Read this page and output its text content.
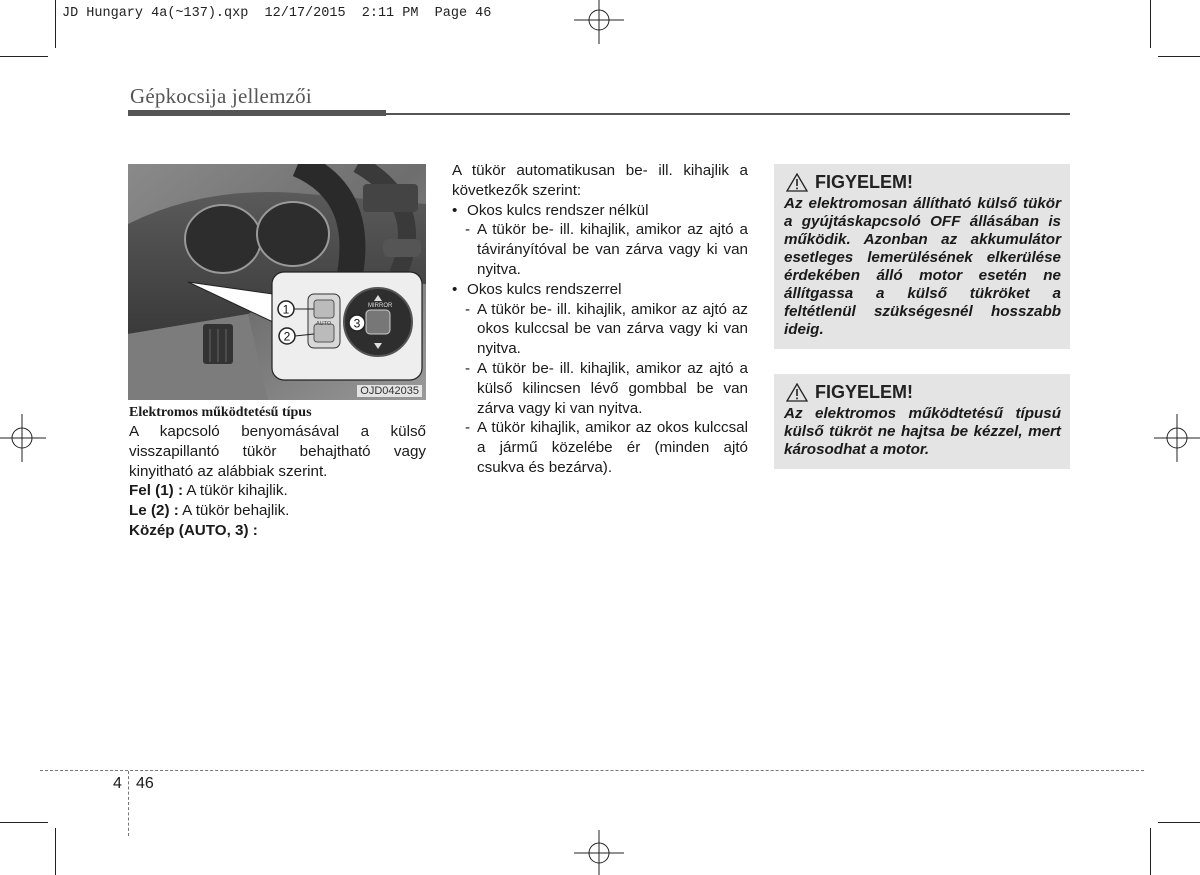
JD Hungary 4a(~137).qxp  12/17/2015  2:11 PM  Page 46
Gépkocsija jellemzői
MIRROR
AUTO
1
2
3
OJD042035
Elektromos működtetésű típus
A kapcsoló benyomásával a külső visszapillantó tükör behajtható vagy kinyitható az alábbiak szerint.
Fel (1) : A tükör kihajlik.
Le (2) : A tükör behajlik.
Közép (AUTO, 3) :
A tükör automatikusan be- ill. kihajlik a következők szerint:
• Okos kulcs rendszer nélkül
- A tükör be- ill. kihajlik, amikor az ajtó a távirányítóval be van zárva vagy ki van nyitva.
• Okos kulcs rendszerrel
- A tükör be- ill. kihajlik, amikor az ajtó az okos kulccsal be van zárva vagy ki van nyitva.
- A tükör be- ill. kihajlik, amikor az ajtó a külső kilincsen lévő gombbal be van zárva vagy ki van nyitva.
- A tükör kihajlik, amikor az okos kulccsal a jármű közelébe ér (minden ajtó csukva és bezárva).
FIGYELEM!
Az elektromosan állítható külső tükör a gyújtáskapcsoló OFF állásában is működik. Azonban az akkumulátor esetleges lemerülésének elkerülése érdekében álló motor esetén ne állítgassa a külső tükröket a feltétlenül szükségesnél hosszabb ideig.
FIGYELEM!
Az elektromos működtetésű típusú külső tükröt ne hajtsa be kézzel, mert károsodhat a motor.
4 46
